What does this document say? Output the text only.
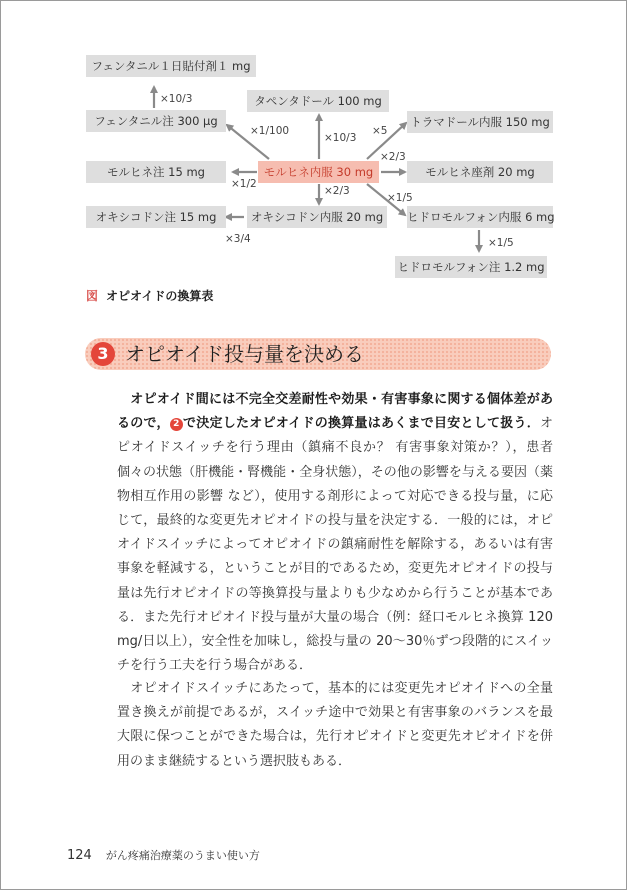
フェンタニル１日貼付剤１ mg
フェンタニル注 300 μg
タペンタドール 100 mg
トラマドール内服 150 mg
モルヒネ内服 30 mg
モルヒネ注 15 mg	モルヒネ座剤 20 mg
オキシコドン内服 20 mg
オキシコドン注 15 mg	ヒドロモルフォン内服 6 mg
ヒドロモルフォン注 1.2 mg
×10/3
×1/100
×10/3
×5
×1/2
×2/3
×2/3
×1/5
×3/4	×1/5
図 オピオイドの換算表
3 オピオイド投与量を決める
オピオイド間には不完全交差耐性や効果・有害事象に関する個体差があるので， 2 で決定したオピオイドの換算量はあくまで目安として扱う．オピオイドスイッチを行う理由（鎮痛不良か？ 有害事象対策か？），患者個々の状態（肝機能・腎機能・全身状態），その他の影響を与える要因（薬物相互作用の影響 など），使用する剤形によって対応できる投与量，に応じて，最終的な変更先オピオイドの投与量を決定する．一般的には，オピオイドスイッチによってオピオイドの鎮痛耐性を解除する，あるいは有害事象を軽減する，ということが目的であるため，変更先オピオイドの投与量は先行オピオイドの等換算投与量よりも少なめから行うことが基本である．また先行オピオイド投与量が大量の場合（例：経口モルヒネ換算 120 mg/日以上），安全性を加味し，総投与量の 20〜30％ずつ段階的にスイッチを行う工夫を行う場合がある．
オピオイドスイッチにあたって，基本的には変更先オピオイドへの全量置き換えが前提であるが，スイッチ途中で効果と有害事象のバランスを最大限に保つことができた場合は，先行オピオイドと変更先オピオイドを併用のまま継続するという選択肢もある．
124 がん疼痛治療薬のうまい使い方
